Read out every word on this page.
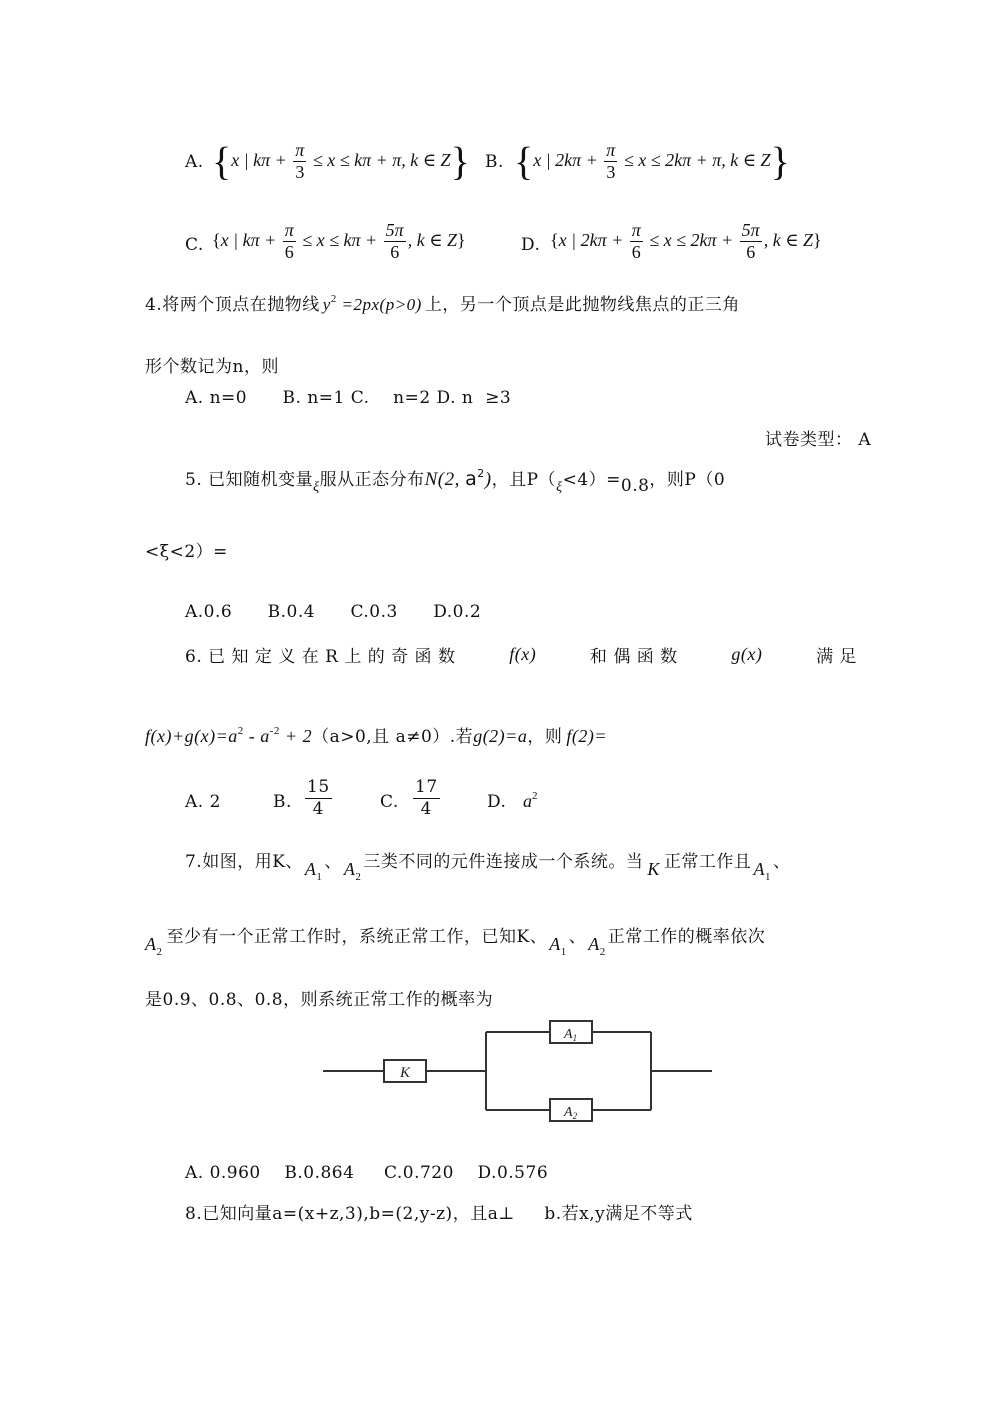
A. {x | $k\pi + \frac{\pi}{3} \le x \le k\pi + \pi$, k ∈ Z} B. {x | $2k\pi + \frac{\pi}{3} \le x \le 2k\pi + \pi$, k ∈ Z}
C. {x | $k\pi + \frac{\pi}{6} \le x \le k\pi + \frac{5\pi}{6}$ , k ∈ Z}	D. {x | $2k\pi + \frac{\pi}{6} \le x \le 2k\pi + \frac{5\pi}{6}$ , k ∈ Z}
4.将两个顶点在抛物线 $y^2 =2px(p>0)$ 上，另一个顶点是此抛物线焦点的正三角
形个数记为n，则
A. n=0      B. n=1 C.    n=2 D. n  ≥3
试卷类型： A
5. 已知随机变量$_\xi$服从正态分布N(2, $a^2$)，且$P(_\xi<4)=0.8$，则P（0
<ξ<2）=
A.0.6      B.0.4      C.0.3      D.0.2
6. 已 知 定 义 在 R 上 的 奇 函 数	f(x)	和 偶 函 数	g(x)	满 足
$f(x)+g(x)=a^2 - a^{-2} + 2(a>0$,且 a≠0）.若g(2)=a，则 f(2)=
A. 2	B. $\frac{15}{4}$	C. $\frac{17}{4}$	D. $a^2$
7.如图，用K、 $A_1$、 $A_2$三类不同的元件连接成一个系统。当 K 正常工作且 $A_1$、
$A_2$至少有一个正常工作时，系统正常工作，已知K、 $A_1$、 $A_2$正常工作的概率依次
是0.9、0.8、0.8，则系统正常工作的概率为
K
$A_1$
$A_2$
A. 0.960    B.0.864     C.0.720    D.0.576
8.已知向量a=(x+z,3),b=(2,y-z)，且a⊥     b.若x,y满足不等式
